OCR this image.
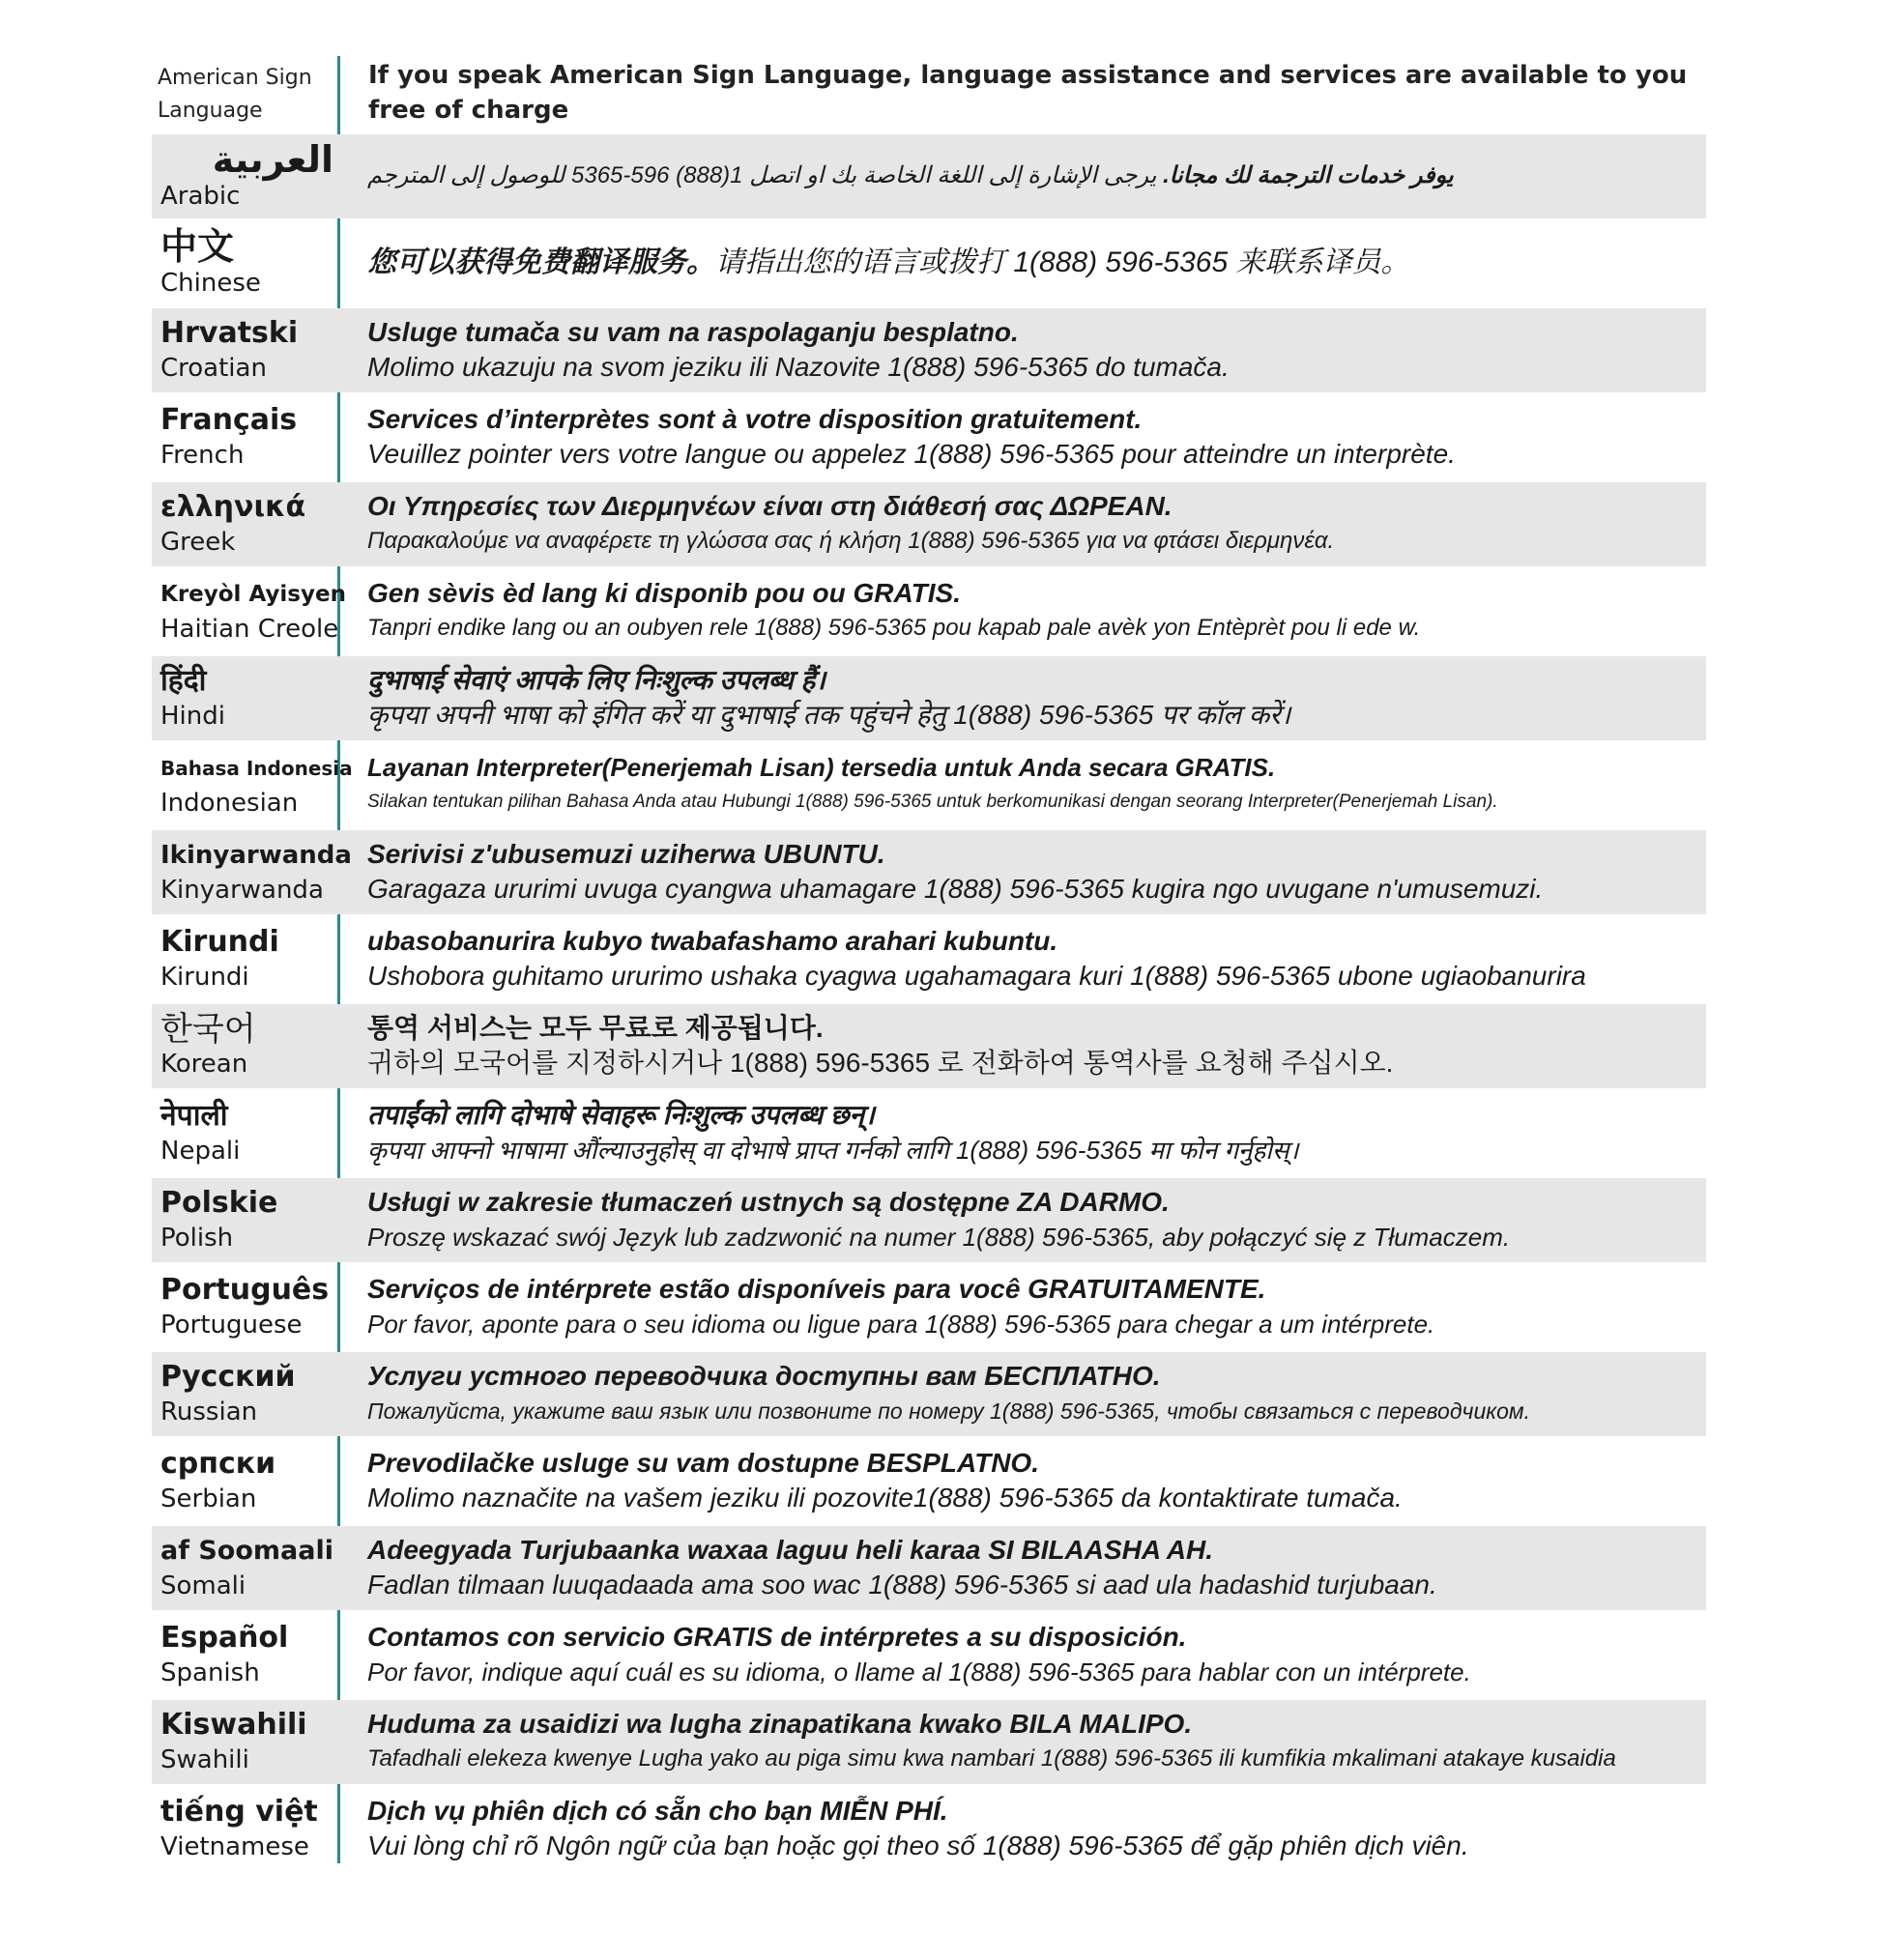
American Sign Language
If you speak American Sign Language, language assistance and services are available to you free of charge
العربية
Arabic
يوفر خدمات الترجمة لك مجانا. يرجى الإشارة إلى اللغة الخاصة بك او اتصل 1(888) 596-5365 للوصول إلى المترجم
中文
Chinese
您可以获得免费翻译服务。请指出您的语言或拨打 1(888) 596-5365 来联系译员。
Hrvatski
Croatian
Usluge tumača su vam na raspolaganju besplatno.
Molimo ukazuju na svom jeziku ili Nazovite 1(888) 596-5365 do tumača.
Français
French
Services d’interprètes sont à votre disposition gratuitement.
Veuillez pointer vers votre langue ou appelez 1(888) 596-5365 pour atteindre un interprète.
ελληνικά
Greek
Οι Υπηρεσίες των Διερμηνέων είναι στη διάθεσή σας ΔΩΡΕΑΝ.
Παρακαλούμε να αναφέρετε τη γλώσσα σας ή κλήση 1(888) 596-5365 για να φτάσει διερμηνέα.
Kreyòl Ayisyen
Haitian Creole
Gen sèvis èd lang ki disponib pou ou GRATIS.
Tanpri endike lang ou an oubyen rele 1(888) 596-5365 pou kapab pale avèk yon Entèprèt pou li ede w.
हिंदी
Hindi
दुभाषाई सेवाएं आपके लिए निःशुल्क उपलब्ध हैं।
कृपया अपनी भाषा को इंगित करें या दुभाषाई तक पहुंचने हेतु 1(888) 596-5365 पर कॉल करें।
Bahasa Indonesia
Indonesian
Layanan Interpreter(Penerjemah Lisan) tersedia untuk Anda secara GRATIS.
Silakan tentukan pilihan Bahasa Anda atau Hubungi 1(888) 596-5365 untuk berkomunikasi dengan seorang Interpreter(Penerjemah Lisan).
Ikinyarwanda
Kinyarwanda
Serivisi z'ubusemuzi uziherwa UBUNTU.
Garagaza ururimi uvuga cyangwa uhamagare 1(888) 596-5365 kugira ngo uvugane n'umusemuzi.
Kirundi
Kirundi
ubasobanurira kubyo twabafashamo arahari kubuntu.
Ushobora guhitamo ururimo ushaka cyagwa ugahamagara kuri 1(888) 596-5365 ubone ugiaobanurira
한국어
Korean
통역 서비스는 모두 무료로 제공됩니다.
귀하의 모국어를 지정하시거나 1(888) 596-5365 로 전화하여 통역사를 요청해 주십시오.
नेपाली
Nepali
तपाईंको लागि दोभाषे सेवाहरू निःशुल्क उपलब्ध छन्।
कृपया आफ्नो भाषामा औंल्याउनुहोस् वा दोभाषे प्राप्त गर्नको लागि 1(888) 596-5365 मा फोन गर्नुहोस्।
Polskie
Polish
Usługi w zakresie tłumaczeń ustnych są dostępne ZA DARMO.
Proszę wskazać swój Język lub zadzwonić na numer 1(888) 596-5365, aby połączyć się z Tłumaczem.
Português
Portuguese
Serviços de intérprete estão disponíveis para você GRATUITAMENTE.
Por favor, aponte para o seu idioma ou ligue para 1(888) 596-5365 para chegar a um intérprete.
Русский
Russian
Услуги устного переводчика доступны вам БЕСПЛАТНО.
Пожалуйста, укажите ваш язык или позвоните по номеру 1(888) 596-5365, чтобы связаться с переводчиком.
српски
Serbian
Prevodilačke usluge su vam dostupne BESPLATNO.
Molimo naznačite na vašem jeziku ili pozovite1(888) 596-5365 da kontaktirate tumača.
af Soomaali
Somali
Adeegyada Turjubaanka waxaa laguu heli karaa SI BILAASHA AH.
Fadlan tilmaan luuqadaada ama soo wac 1(888) 596-5365 si aad ula hadashid turjubaan.
Español
Spanish
Contamos con servicio GRATIS de intérpretes a su disposición.
Por favor, indique aquí cuál es su idioma, o llame al 1(888) 596-5365 para hablar con un intérprete.
Kiswahili
Swahili
Huduma za usaidizi wa lugha zinapatikana kwako BILA MALIPO.
Tafadhali elekeza kwenye Lugha yako au piga simu kwa nambari 1(888) 596-5365 ili kumfikia mkalimani atakaye kusaidia
tiếng việt
Vietnamese
Dịch vụ phiên dịch có sẵn cho bạn MIỄN PHÍ.
Vui lòng chỉ rõ Ngôn ngữ của bạn hoặc gọi theo số 1(888) 596-5365 để gặp phiên dịch viên.
